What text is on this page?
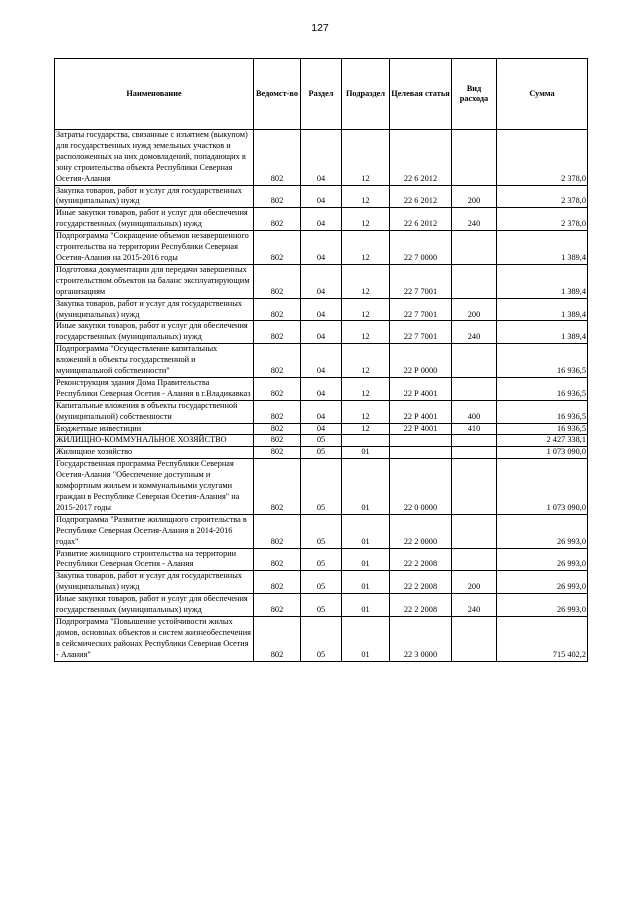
127
Наименование	Ведомст-во	Раздел	Подраздел	Целевая статья	Вид расхода	Сумма
Затраты государства, связанные с изъятием (выкупом) для государственных нужд земельных участков и расположенных на них домовладений, попадающих в зону строительства объекта Республики Северная Осетия-Алания	802	04	12	22 6 2012		2 378,0
Закупка товаров, работ и услуг для государственных (муниципальных) нужд	802	04	12	22 6 2012	200	2 378,0
Иные закупки товаров, работ и услуг для обеспечения государственных (муниципальных) нужд	802	04	12	22 6 2012	240	2 378,0
Подпрограмма "Сокращение объемов незавершенного строительства на территории Республики Северная Осетия-Алания на 2015-2016 годы	802	04	12	22 7 0000		1 389,4
Подготовка документации для передачи завершенных строительством объектов на баланс эксплуатирующим организациям	802	04	12	22 7 7001		1 389,4
Закупка товаров, работ и услуг для государственных (муниципальных) нужд	802	04	12	22 7 7001	200	1 389,4
Иные закупки товаров, работ и услуг для обеспечения государственных (муниципальных) нужд	802	04	12	22 7 7001	240	1 389,4
Подпрограмма "Осуществление капитальных вложений в объекты государственной и муниципальной собственности"	802	04	12	22 Р 0000		16 936,5
Реконструкция здания Дома Правительства Республики Северная Осетия - Алания в г.Владикавказ	802	04	12	22 Р 4001		16 936,5
Капитальные вложения в объекты государственной (муниципальной) собственности	802	04	12	22 Р 4001	400	16 936,5
Бюджетные инвестиции	802	04	12	22 Р 4001	410	16 936,5
ЖИЛИЩНО-КОММУНАЛЬНОЕ ХОЗЯЙСТВО	802	05				2 427 338,1
Жилищное хозяйство	802	05	01			1 073 090,0
Государственная программа Республики Северная Осетия-Алания "Обеспечение доступным и комфортным жильем и коммунальными услугами граждан в Республике Северная Осетия-Алания" на 2015-2017 годы	802	05	01	22 0 0000		1 073 090,0
Подпрограмма "Развитие жилищного строительства в Республике Северная Осетия-Алания в 2014-2016 годах"	802	05	01	22 2 0000		26 993,0
Развитие жилищного строительства на территории Республики Северная Осетия - Алания	802	05	01	22 2 2008		26 993,0
Закупка товаров, работ и услуг для государственных (муниципальных) нужд	802	05	01	22 2 2008	200	26 993,0
Иные закупки товаров, работ и услуг для обеспечения государственных (муниципальных) нужд	802	05	01	22 2 2008	240	26 993,0
Подпрограмма "Повышение устойчивости жилых домов, основных объектов и систем жизнеобеспечения в сейсмических районах Республики Северная Осетия - Алания"	802	05	01	22 3 0000		715 402,2
